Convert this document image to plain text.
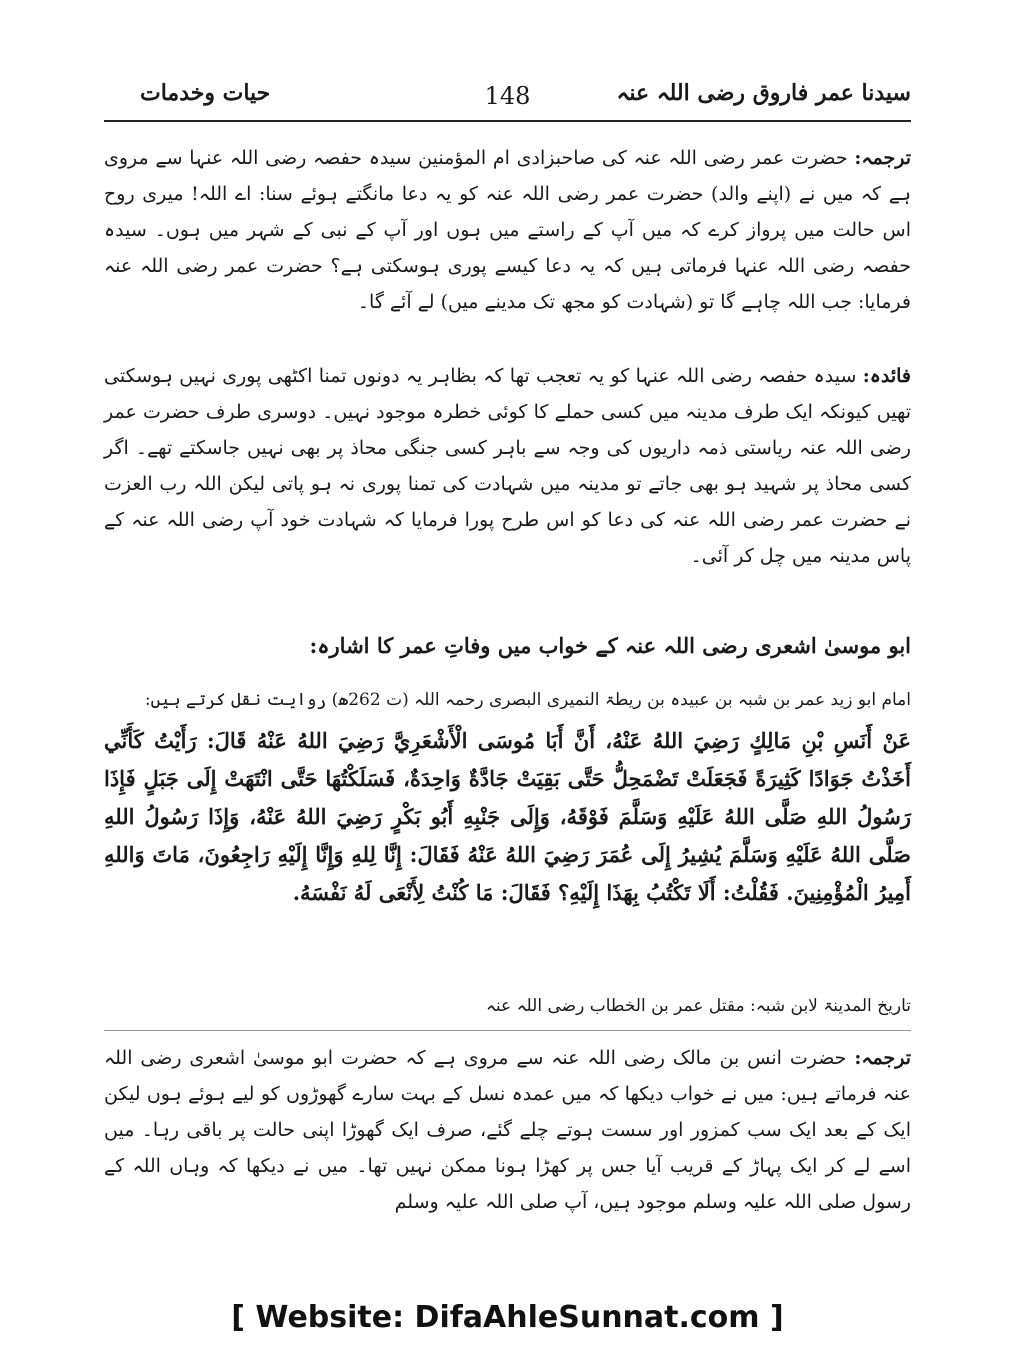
سیدنا عمر فاروق رضی اللہ عنہ
148
حیات وخدمات

ترجمہ: حضرت عمر رضی اللہ عنہ کی صاحبزادی ام المؤمنین سیدہ حفصہ رضی اللہ عنہا سے مروی ہے کہ میں نے (اپنے والد) حضرت عمر رضی اللہ عنہ کو یہ دعا مانگتے ہوئے سنا: اے اللہ! میری روح اس حالت میں پرواز کرے کہ میں آپ کے راستے میں ہوں اور آپ کے نبی کے شہر میں ہوں۔ سیدہ حفصہ رضی اللہ عنہا فرماتی ہیں کہ یہ دعا کیسے پوری ہوسکتی ہے؟ حضرت عمر رضی اللہ عنہ فرمایا: جب اللہ چاہے گا تو (شہادت کو مجھ تک مدینے میں) لے آئے گا۔

فائدہ: سیدہ حفصہ رضی اللہ عنہا کو یہ تعجب تھا کہ بظاہر یہ دونوں تمنا اکٹھی پوری نہیں ہوسکتی تھیں کیونکہ ایک طرف مدینہ میں کسی حملے کا کوئی خطرہ موجود نہیں۔ دوسری طرف حضرت عمر رضی اللہ عنہ ریاستی ذمہ داریوں کی وجہ سے باہر کسی جنگی محاذ پر بھی نہیں جاسکتے تھے۔ اگر کسی محاذ پر شہید ہو بھی جاتے تو مدینہ میں شہادت کی تمنا پوری نہ ہو پاتی لیکن اللہ رب العزت نے حضرت عمر رضی اللہ عنہ کی دعا کو اس طرح پورا فرمایا کہ شہادت خود آپ رضی اللہ عنہ کے پاس مدینہ میں چل کر آئی۔

ابو موسیٰ اشعری رضی اللہ عنہ کے خواب میں وفاتِ عمر کا اشارہ:
امام ابو زید عمر بن شبہ بن عبیدہ بن ریطۃ النمیری البصری رحمہ اللہ (ت 262ھ) روایت نقل کرتے ہیں:
عَنْ أَنَسِ بْنِ مَالِكٍ رَضِيَ اللهُ عَنْهُ، أَنَّ أَبَا مُوسَى الْأَشْعَرِيَّ رَضِيَ اللهُ عَنْهُ قَالَ: رَأَيْتُ كَأَنِّي أَخَذْتُ جَوَادًا كَثِيرَةً فَجَعَلَتْ تَضْمَحِلُّ حَتَّى بَقِيَتْ جَادَّةٌ وَاحِدَةٌ، فَسَلَكْتُهَا حَتَّى انْتَهَتْ إِلَى جَبَلٍ فَإِذَا رَسُولُ اللهِ صَلَّى اللهُ عَلَيْهِ وَسَلَّمَ فَوْقَهُ، وَإِلَى جَنْبِهِ أَبُو بَكْرٍ رَضِيَ اللهُ عَنْهُ، وَإِذَا رَسُولُ اللهِ صَلَّى اللهُ عَلَيْهِ وَسَلَّمَ يُشِيرُ إِلَى عُمَرَ رَضِيَ اللهُ عَنْهُ فَقَالَ: إِنَّا لِلهِ وَإِنَّا إِلَيْهِ رَاجِعُونَ، مَاتَ وَاللهِ أَمِيرُ الْمُؤْمِنِينَ. فَقُلْتُ: أَلَا تَكْتُبُ بِهَذَا إِلَيْهِ؟ فَقَالَ: مَا كُنْتُ لِأَنْعَى لَهُ نَفْسَهُ.
تاریخ المدینۃ لابن شبہ: مقتل عمر بن الخطاب رضی اللہ عنہ

ترجمہ: حضرت انس بن مالک رضی اللہ عنہ سے مروی ہے کہ حضرت ابو موسیٰ اشعری رضی اللہ عنہ فرماتے ہیں: میں نے خواب دیکھا کہ میں عمدہ نسل کے بہت سارے گھوڑوں کو لیے ہوئے ہوں لیکن ایک کے بعد ایک سب کمزور اور سست ہوتے چلے گئے، صرف ایک گھوڑا اپنی حالت پر باقی رہا۔ میں اسے لے کر ایک پہاڑ کے قریب آیا جس پر کھڑا ہونا ممکن نہیں تھا۔ میں نے دیکھا کہ وہاں اللہ کے رسول صلی اللہ علیہ وسلم موجود ہیں، آپ صلی اللہ علیہ وسلم

[ Website: DifaAhleSunnat.com ]
